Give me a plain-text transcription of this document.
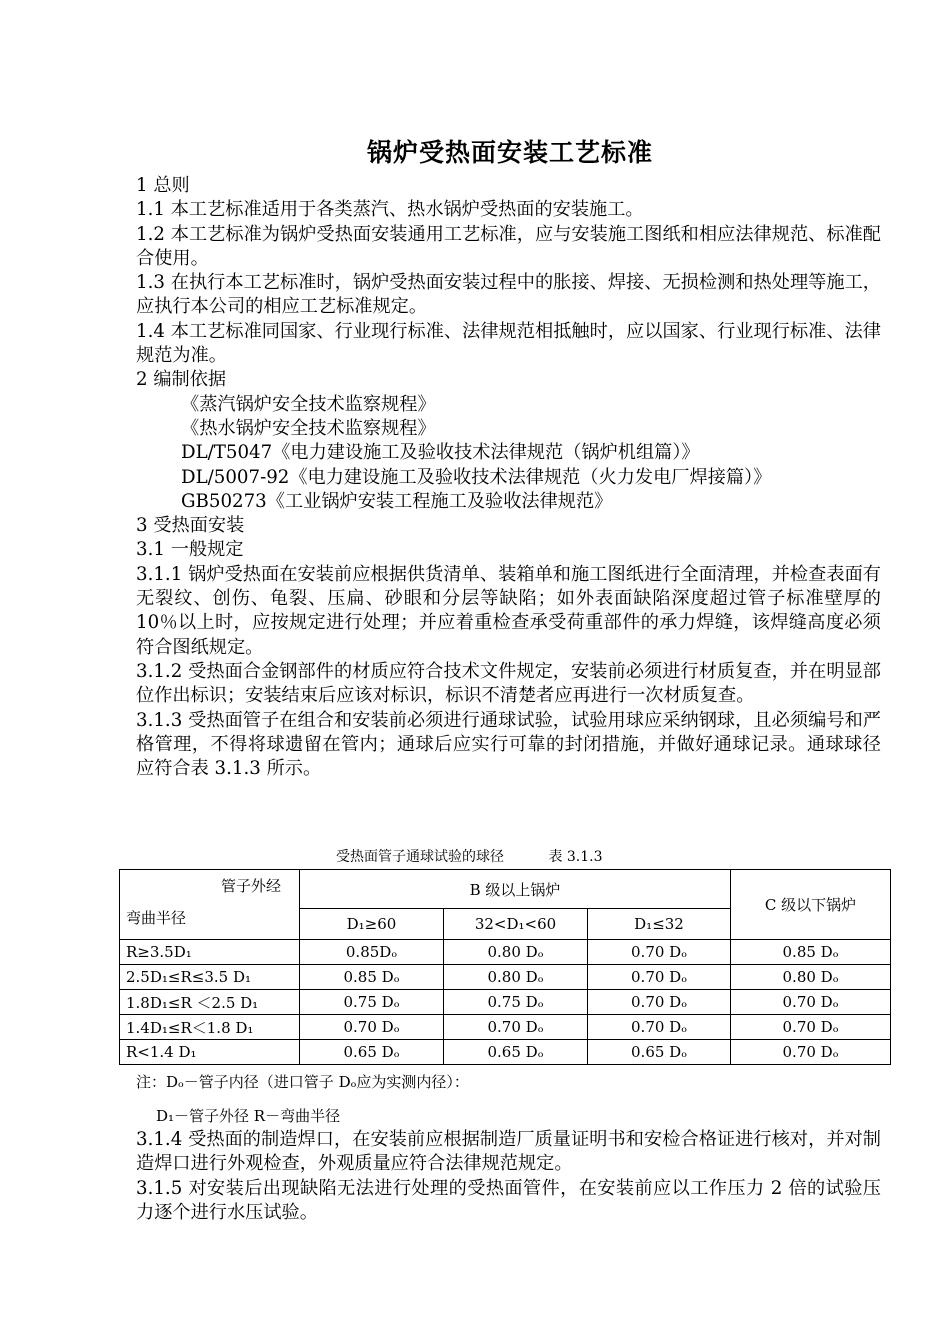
锅炉受热面安装工艺标准

1 总则

1.1 本工艺标准适用于各类蒸汽、热水锅炉受热面的安装施工。

1.2 本工艺标准为锅炉受热面安装通用工艺标准，应与安装施工图纸和相应法律规范、标准配合使用。

1.3 在执行本工艺标准时，锅炉受热面安装过程中的胀接、焊接、无损检测和热处理等施工，应执行本公司的相应工艺标准规定。

1.4 本工艺标准同国家、行业现行标准、法律规范相抵触时，应以国家、行业现行标准、法律规范为准。

2 编制依据

《蒸汽锅炉安全技术监察规程》

《热水锅炉安全技术监察规程》

DL/T5047《电力建设施工及验收技术法律规范（锅炉机组篇）》

DL/5007-92《电力建设施工及验收技术法律规范（火力发电厂焊接篇）》

GB50273《工业锅炉安装工程施工及验收法律规范》

3 受热面安装

3.1 一般规定

3.1.1 锅炉受热面在安装前应根据供货清单、装箱单和施工图纸进行全面清理，并检查表面有无裂纹、创伤、龟裂、压扁、砂眼和分层等缺陷；如外表面缺陷深度超过管子标准壁厚的 10％以上时，应按规定进行处理；并应着重检查承受荷重部件的承力焊缝，该焊缝高度必须符合图纸规定。

3.1.2 受热面合金钢部件的材质应符合技术文件规定，安装前必须进行材质复查，并在明显部位作出标识；安装结束后应该对标识，标识不清楚者应再进行一次材质复查。

3.1.3 受热面管子在组合和安装前必须进行通球试验，试验用球应采纳钢球，且必须编号和严格管理，不得将球遗留在管内；通球后应实行可靠的封闭措施，并做好通球记录。通球球径应符合表 3.1.3 所示。

受热面管子通球试验的球径	表 3.1.3
管子外经
弯曲半径	B 级以上锅炉			C 级以下锅炉
	D₁≥60	32<D₁<60	D₁≤32	
R≥3.5D₁	0.85Dₒ	0.80 Dₒ	0.70 Dₒ	0.85 Dₒ
2.5D₁≤R≤3.5 D₁	0.85 Dₒ	0.80 Dₒ	0.70 Dₒ	0.80 Dₒ
1.8D₁≤R ＜2.5 D₁	0.75 Dₒ	0.75 Dₒ	0.70 Dₒ	0.70 Dₒ
1.4D₁≤R＜1.8 D₁	0.70 Dₒ	0.70 Dₒ	0.70 Dₒ	0.70 Dₒ
R<1.4 D₁	0.65 Dₒ	0.65 Dₒ	0.65 Dₒ	0.70 Dₒ
注：Dₒ－管子内径（进口管子 Dₒ应为实测内径）：
D₁－管子外径 R－弯曲半径

3.1.4 受热面的制造焊口，在安装前应根据制造厂质量证明书和安检合格证进行核对，并对制造焊口进行外观检查，外观质量应符合法律规范规定。

3.1.5 对安装后出现缺陷无法进行处理的受热面管件，在安装前应以工作压力 2 倍的试验压力逐个进行水压试验。
